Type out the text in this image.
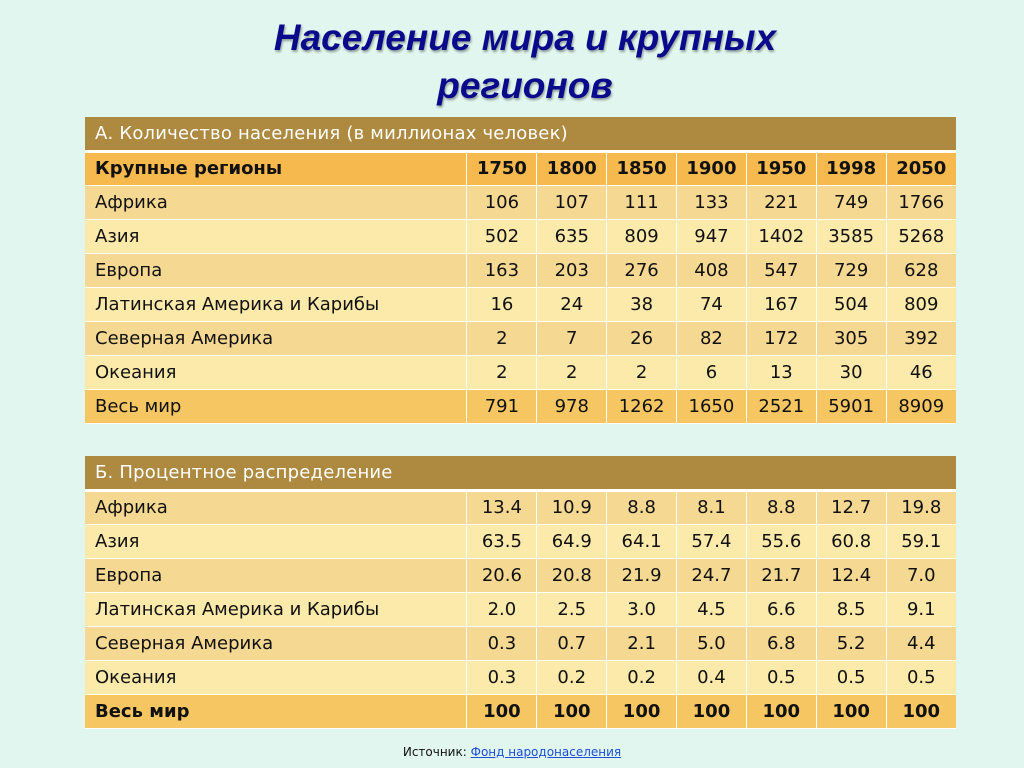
Население мира и крупных регионов
А. Количество населения (в миллионах человек)							
Крупные регионы	1750	1800	1850	1900	1950	1998	2050
Африка	106	107	111	133	221	749	1766
Азия	502	635	809	947	1402	3585	5268
Европа	163	203	276	408	547	729	628
Латинская Америка и Карибы	16	24	38	74	167	504	809
Северная Америка	2	7	26	82	172	305	392
Океания	2	2	2	6	13	30	46
Весь мир	791	978	1262	1650	2521	5901	8909
Б. Процентное распределение							
Африка	13.4	10.9	8.8	8.1	8.8	12.7	19.8
Азия	63.5	64.9	64.1	57.4	55.6	60.8	59.1
Европа	20.6	20.8	21.9	24.7	21.7	12.4	7.0
Латинская Америка и Карибы	2.0	2.5	3.0	4.5	6.6	8.5	9.1
Северная Америка	0.3	0.7	2.1	5.0	6.8	5.2	4.4
Океания	0.3	0.2	0.2	0.4	0.5	0.5	0.5
Весь мир	100	100	100	100	100	100	100
Источник: Фонд народонаселения
